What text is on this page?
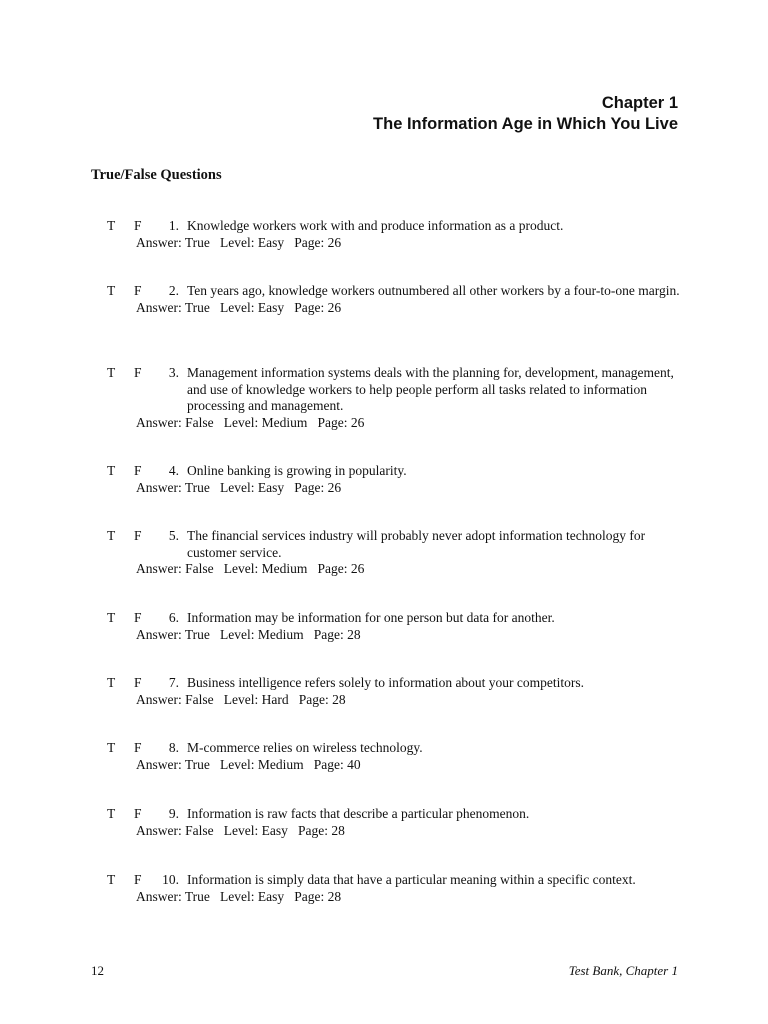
Chapter 1
The Information Age in Which You Live
True/False Questions
T	F	1. Knowledge workers work with and produce information as a product.
Answer: True   Level: Easy   Page: 26
T	F	2. Ten years ago, knowledge workers outnumbered all other workers by a four-to-one margin.
Answer: True   Level: Easy   Page: 26
T	F	3. Management information systems deals with the planning for, development, management, and use of knowledge workers to help people perform all tasks related to information processing and management.
Answer: False   Level: Medium   Page: 26
T	F	4. Online banking is growing in popularity.
Answer: True   Level: Easy   Page: 26
T	F	5. The financial services industry will probably never adopt information technology for customer service.
Answer: False   Level: Medium   Page: 26
T	F	6. Information may be information for one person but data for another.
Answer: True   Level: Medium   Page: 28
T	F	7. Business intelligence refers solely to information about your competitors.
Answer: False   Level: Hard   Page: 28
T	F	8. M-commerce relies on wireless technology.
Answer: True   Level: Medium   Page: 40
T	F	9. Information is raw facts that describe a particular phenomenon.
Answer: False   Level: Easy   Page: 28
T	F	10. Information is simply data that have a particular meaning within a specific context.
Answer: True   Level: Easy   Page: 28
12	Test Bank, Chapter 1
